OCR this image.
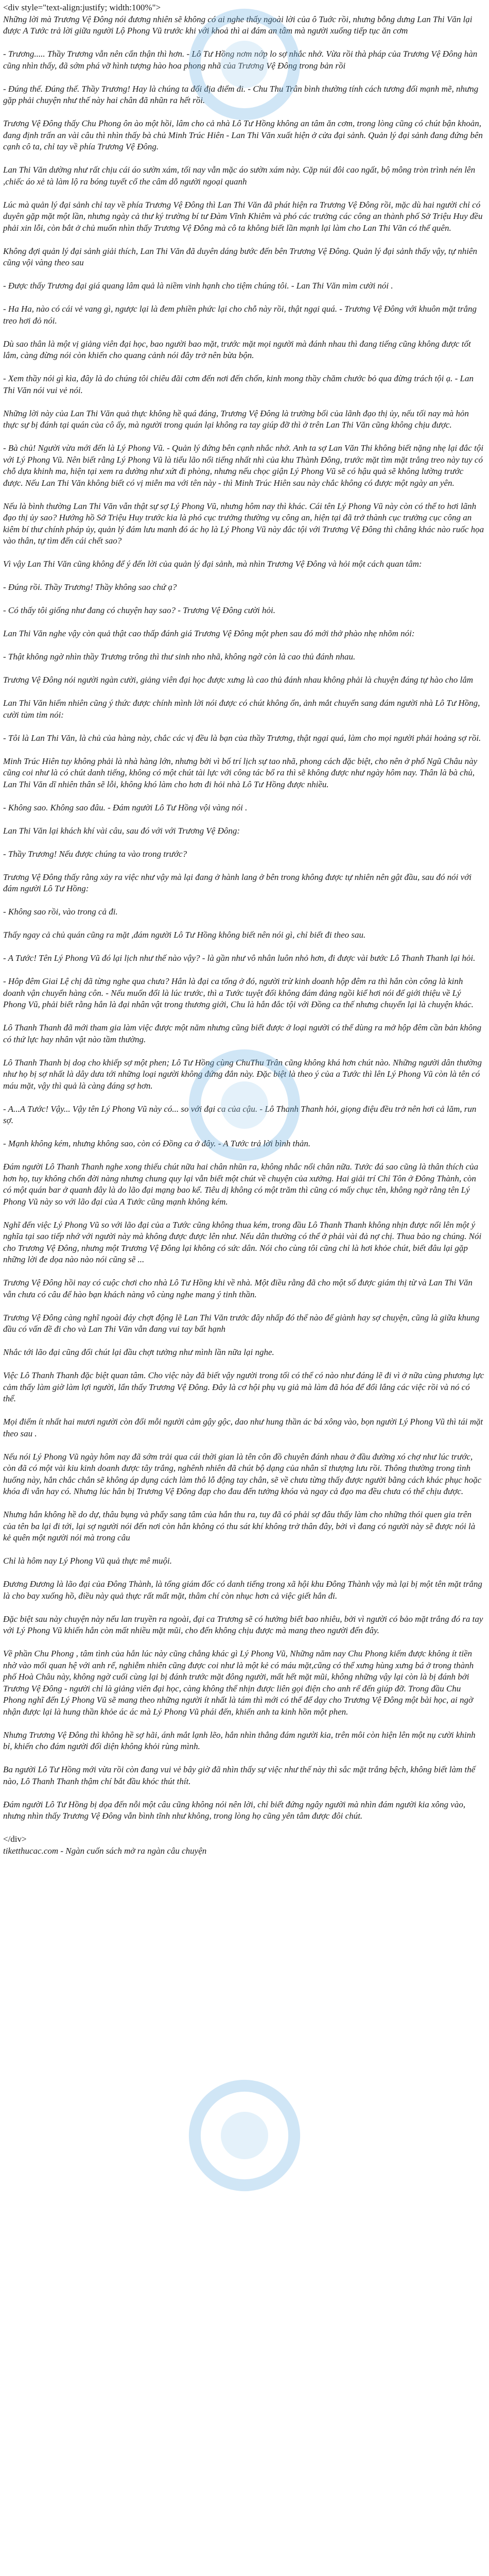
<div style="text-align:justify; width:100%">

Những lời mà Trương Vệ Đông nói đương nhiên sẽ không có ai nghe thấy ngoài lời của ô Tuớc rồi, nhưng bỗng dưng Lan Thi Văn lại được A Tước trả lời giữa người Lộ Phong Vũ trước khi với khoả thì ai đám an tâm mà người xuống tiếp tục ăn cơm

- Trương..... Thầy Trương vẫn nên cẩn thận thì hơn. - Lô Tư Hồng nơm nớp lo sợ nhắc nhở. Vừa rồi thà pháp của Trương Vệ Đông hàn cũng nhìn thấy, đã sớm phá vỡ hình tượng hào hoa phong nhã của Trương Vệ Đông trong bản rồi

- Đúng thế. Đúng thế. Thầy Trương! Hay là chúng ta đổi địa điểm đi. - Chu Thu Trân bình thường tính cách tương đối mạnh mẽ, nhưng gặp phải chuyện như thế này hai chân đã nhũn ra hết rồi.

Trương Vệ Đông thấy Chu Phong ôn ào một hồi, lâm cho cả nhà Lô Tư Hồng không an tâm ăn cơm, trong lòng cũng có chút bận khoản, đang định trấn an vài câu thì nhìn thấy bà chủ Minh Trúc Hiên - Lan Thi Văn xuất hiện ở cửa đại sảnh. Quản lý đại sảnh đang đứng bên cạnh cô ta, chỉ tay về phía Trương Vệ Đông.

Lan Thi Văn dường như rất chịu cái áo sườn xám, tối nay vẫn mặc áo sườn xám này. Cặp núi đôi cao ngất, bộ mông tròn trình nén lên ,chiếc áo xẻ tà làm lộ ra bóng tuyết cổ the câm dỗ người ngoại quanh

Lúc mà quản lý đại sảnh chỉ tay về phía Trương Vệ Đông thì Lan Thi Văn đã phát hiện ra Trương Vệ Đông rồi, mặc dù hai người chỉ có duyên gặp mặt một lần, nhưng ngày cả thư ký trường bí tư Đàm Vĩnh Khiêm và phó các trưởng các công an thành phố Sở Triệu Huy đều phải xin lỗi, còn bắt ở chủ muốn nhìn thấy Trương Vệ Đông mà cô ta không biết lần mạnh lại làm cho Lan Thi Văn có thể quên.

Không đợi quản lý đại sảnh giải thích, Lan Thi Văn đã duyên dáng bước đến bên Trương Vệ Đông. Quản lý đại sảnh thấy vậy, tự nhiên cũng vội vàng theo sau

- Được thấy Trương đại giá quang lâm quả là niềm vinh hạnh cho tiệm chúng tôi. - Lan Thi Văn mìm cười nói .

- Ha Ha, nào có cái vẻ vang gì, ngược lại là đem phiền phức lại cho chỗ này rồi, thật ngại quá. - Trương Vệ Đông với khuôn mặt trắng treo hơi đỏ nói.

Dù sao thân là một vị giảng viên đại học, bao người bao mặt, trước mặt mọi người mà đánh nhau thì đang tiếng cũng không được tốt lắm, càng đừng nói còn khiến cho quang cảnh nói đây trở nên bừa bộn.

- Xem thầy nói gì kìa, đây là do chúng tôi chiêu đãi cơm đến nơi đến chốn, kinh mong thầy chăm chước bỏ qua đừng trách tội ạ. - Lan Thi Văn nói vui vẻ nói.

Những lời này của Lan Thi Văn quả thực không hề quá đáng, Trương Vệ Đông là trường bối của lãnh đạo thị ủy, nếu tối nay mà hỏn thực sự bị đánh tại quán của cô ấy, mà người trong quán lại không ra tay giúp đỡ thì ở trên Lan Thi Văn cũng không chịu được.

- Bà chủ! Người vừa mới đến là Lý Phong Vũ. - Quản lý đứng bên cạnh nhắc nhở. Anh ta sợ Lan Văn Thi không biết nặng nhẹ lại đắc tội với Lý Phong Vũ. Nên biết rằng Lý Phong Vũ là tiểu lão nổi tiếng nhất nhì của khu Thành Đông, trước mặt tìm mặt trắng treo này tuy có chỗ dựa khinh ma, hiện tại xem ra dường như xứt đi phòng, nhưng nếu chọc giận Lý Phong Vũ sẽ có hậu quả sẽ không lường trước được. Nếu Lan Thi Văn không biết có vị miễn ma với tên này - thì Minh Trúc Hiên sau này chắc không có được một ngày an yên.

Nếu là bình thường Lan Thi Văn vẫn thật sự sợ Lý Phong Vũ, nhưng hôm nay thì khác. Cái tên Lý Phong Vũ này còn có thể to hơi lãnh đạo thị ủy sao? Hướng hồ Sở Triệu Huy trước kia là phó cục trưởng thường vụ công an, hiện tại đã trở thành cục trưởng cục công an kiêm bí thư chính pháp ủy, quản lý đám lưu manh đó ác họ là Lý Phong Vũ này đắc tội với Trương Vệ Đông thì chẳng khác nào ruốc họa vào thân, tự tìm đến cái chết sao?

Vì vậy Lan Thi Văn cũng không để ý đến lời của quản lý đại sảnh, mà nhìn Trương Vệ Đông và hỏi một cách quan tâm:

- Đúng rồi. Thầy Trương! Thầy không sao chứ ạ?

- Có thấy tôi giống như đang có chuyện hay sao? - Trương Vệ Đông cười hỏi.

Lan Thi Văn nghe vậy còn quả thật cao thấp đánh giá Trương Vệ Đông một phen sau đó mới thở phào nhẹ nhõm nói:

- Thật không ngờ nhìn thầy Trương trông thì thư sinh nho nhã, không ngờ còn là cao thủ đánh nhau.

Trương Vệ Đông nói người ngàn cười, giảng viên đại học được xưng là cao thủ đánh nhau không phải là chuyện đáng tự hào cho lắm

Lan Thi Văn hiểm nhiên cũng ý thức được chính mình lời nói được có chút không ổn, ảnh mắt chuyển sang đám người nhà Lô Tư Hồng, cười tủm tỉm nói:

- Tôi là Lan Thi Văn, là chủ của hàng này, chắc các vị đều là bạn của thầy Trương, thật ngại quá, làm cho mọi người phải hoảng sợ rồi.

Minh Trúc Hiên tuy không phải là nhà hàng lớn, nhưng bởi vì bố trí lịch sự tao nhã, phong cách đặc biệt, cho nên ở phố Ngũ Châu này cũng coi như là có chút danh tiếng, không có một chút tài lực với công tác bổ ra thì sẽ không được như ngày hôm nay. Thân là bà chủ, Lan Thi Văn dĩ nhiên thân sẽ lỗi, không khó làm cho hơn đi hỏi nhà Lô Tư Hồng được nhiều.

- Không sao. Không sao đâu. - Đám người Lô Tư Hồng vội vàng nói .

Lan Thi Văn lại khách khí vài câu, sau đó với với Trương Vệ Đông:

- Thầy Trương! Nếu được chúng ta vào trong trước?

Trương Vệ Đông thấy rằng xảy ra việc như vậy mà lại đang ở hành lang ở bên trong không được tự nhiên nên gật đầu, sau đó nói với đám người Lô Tư Hồng:

- Không sao rồi, vào trong cả đi.

Thấy ngay cả chủ quán cũng ra mặt ,đám người Lô Tư Hồng không biết nên nói gì, chỉ biết đi theo sau.

- A Tước! Tên Lý Phong Vũ đó lại lịch như thế nào vậy? - là gần như vô nhân luôn nhỏ hơn, đi được vài bước Lô Thanh Thanh lại hỏi.

- Hôp đêm Giai Lệ chị đã từng nghe qua chưa? Hắn là đại ca tổng ở đó, người trừ kinh doanh hộp đêm ra thì hắn còn công là kinh doanh vận chuyển hàng côn. - Nếu muốn đổi là lúc trước, thì a Tước tuyệt đối không đám đảng ngồi kiể hơi nói để giới thiệu về Lý Phong Vũ, phải biết rằng hắn là đại nhân vật trong thương giới, Chu là hắn đắc tội với Đồng ca thế nhưng chuyển lại là chuyện khác.

Lô Thanh Thanh đã mới tham gia làm việc được một năm nhưng cũng biết được ở loại người có thể dùng ra mở hộp đêm cần bản không có thứ lực hay nhân vật nào tầm thường.

Lô Thanh Thanh bị doạ cho khiếp sợ một phen; Lô Tư Hồng cùng ChuThu Trân cũng không khá hơn chút nào. Những người dân thường như họ bị sợ nhất là dây dưa tới những loại người không đứng đắn này. Đặc biệt là theo ý của a Tước thì lên Lý Phong Vũ còn là tên có máu mặt, vậy thì quả là càng đáng sợ hơn.

- A...A Tước! Vậy... Vậy tên Lý Phong Vũ này có... so với đại ca của cậu. - Lô Thanh Thanh hỏi, giọng điệu đều trở nên hơi cả lăm, run sợ.

- Mạnh không kém, nhưng không sao, còn có Đồng ca ở đây. - A Tước trả lời bình thản.

Đám người Lô Thanh Thanh nghe xong thiếu chút nữa hai chân nhũn ra, không nhắc nổi chân nữa. Tước đá sao cũng là thân thích của hơn họ, tuy không chốn đời nàng nhưng chung quy lại vẫn biết một chút về chuyện của xưởng. Hai giải trí Chỉ Tôn ở Đông Thành, còn có một quán bar ở quanh đây là do lão đại mạng bao kể. Tiêu dị không có một trăm thì cũng có mấy chục tên, không ngờ rằng tên Lý Phong Vũ này so với lão đại của A Tước cũng mạnh không kém.

Nghĩ đến việc Lý Phong Vũ so với lão đại của a Tước cũng không thua kém, trong đầu Lô Thanh Thanh không nhịn được nổi lên một ý nghĩa tại sao tiếp nhớ với người này mà không được được lên như. Nếu dân thường có thể ở phải vài đả nợ chị. Thua bảo ng chúng. Nói cho Trương Vệ Đông, nhưng một Trương Vệ Đông lại không có sức dân. Nói cho cùng tôi cũng chỉ là hơi khỏe chút, biết đâu lại gặp những lời đe dọa nào nào nói cũng sẽ ...

Trương Vệ Đông hồi nay có cuộc chơi cho nhà Lô Tư Hồng khi về nhà. Một điều rằng đã cho một số được giám thị từ và Lan Thi Văn vẫn chưa có câu để hào bạn khách nàng vô cùng nghe mang ý tinh thần.

Trương Vệ Đông càng nghĩ ngoài đáy chợt động lẽ Lan Thi Văn trước đây nhấp đó thể nào để giành hay sợ chuyện, cũng là giữa khung đầu có vấn đề đi cho và Lan Thi Văn vẫn đang vui tay bất hạnh

Nhắc tới lão đại cũng đổi chút lại đầu chợt tưởng như mình lần nữa lại nghe.

Việc Lô Thanh Thanh đặc biệt quan tâm. Cho việc này đã biết vậy người trong tối có thể có nào như đáng lẽ đi vì ở nữa cùng phương lực cảm thấy làm giờ làm lợi người, lẩn thấy Trương Vệ Đông. Đây là cơ hội phụ vụ giả mà làm đã hóa để đổi lắng các việc rồi và nó có thể.

Mọi điểm ít nhất hai mươi người còn đổi mỗi người cảm gậy gộc, dao như hung thần ác bá xông vào, bọn người Lý Phong Vũ thì tái mặt theo sau .

Nếu nói Lý Phong Vũ ngày hôm nay đã sớm trải qua cái thời gian là tên côn đồ chuyên đánh nhau ở đầu đường xó chợ như lúc trước, còn đã có một vài kiu kinh doanh được tây trắng, nghênh nhiên đã chút bộ dạng của nhân sĩ thượng lưu rồi. Thông thường trong tình huống này, hắn chắc chắn sẽ không áp dụng cách làm thô lỗ động tay chân, sẽ về chưa từng thấy được người bằng cách khác phục hoặc khóa đi vẫn hay có. Nhưng lúc hắn bị Trương Vệ Đông đạp cho đau đến tưởng khóa và ngay cả đạo ma đều chưa có thể chịu được.

Nhưng hắn không hề do dự, thâu bụng và phẩy sang tâm của hắn thu ra, tuy đã có phải sợ đâu thấy làm cho những thói quen gia trên của tên ba lại đi tới, lại sợ người nói đến nơi còn hắn không có thu sát khí không trở thân đây, bởi vì đang có người này sẽ được nói là kẻ quên một người nói mà trong câu

Chỉ là hôm nay Lý Phong Vũ quả thực mê muội.

Đương Đương là lão đại của Đông Thành, là tổng giám đốc có danh tiếng trong xã hội khu Đông Thành vậy mà lại bị một tên mặt trắng là cho bay xuống hồ, điều này quả thực rất mất mặt, thâm chí còn nhục hơn cả việc giết hắn đi.

Đặc biệt sau này chuyện này nếu lan truyền ra ngoài, đại ca Trương sẽ có hưởng biết bao nhiêu, bởi vì người có bảo mặt trắng đó ra tay với Lý Phong Vũ khiến hắn còn mất nhiều mặt mũi, cho đến không chịu được mà mang theo người đến đây.

Về phần Chu Phong , tâm tình của hắn lúc này cũng chẳng khác gì Lý Phong Vũ, Những năm nay Chu Phong kiếm được không ít tiền nhờ vào mối quan hệ với anh rể, nghiễm nhiên cũng được coi như là một kẻ có máu mặt,cũng có thể xưng hùng xưng bá ở trong thành phố Hoà Châu này, không ngờ cuối cùng lại bị đánh trước mặt đông người, mất hết mặt mũi, không những vậy lại còn là bị đánh bởi Trương Vệ Đông - người chỉ là giảng viên đại học, càng không thể nhịn được liên gọi điện cho anh rể đến giúp đỡ. Trong đầu Chu Phong nghĩ đến Lý Phong Vũ sẽ mang theo những người ít nhất là tám thì mới có thể để dạy cho Trương Vệ Đông một bài học, ai ngờ nhận được lại là hung thần khỏe ác ác mà Lý Phong Vũ phái đến, khiến anh ta kinh hồn một phen.

Nhưng Trương Vệ Đông thì không hề sợ hãi, ánh mắt lạnh lẽo, hắn nhìn thẳng đám người kia, trên môi còn hiện lên một nụ cười khinh bỉ, khiến cho đám người đối diện không khỏi rùng mình.

Ba người Lô Tư Hồng mới vừa rồi còn đang vui vẻ bây giờ đã nhìn thấy sự việc như thế này thì sắc mặt trắng bệch, không biết làm thế nào, Lô Thanh Thanh thậm chí bắt đầu khóc thút thít.

Đám người Lô Tư Hồng bị dọa đến nỗi một câu cũng không nói nên lời, chỉ biết đứng ngây người mà nhìn đám người kia xông vào, nhưng nhìn thấy Trương Vệ Đông vẫn bình tĩnh như không, trong lòng họ cũng yên tâm được đôi chút.

</div>

tiketthucac.com - Ngàn cuốn sách mở ra ngàn câu chuyện
